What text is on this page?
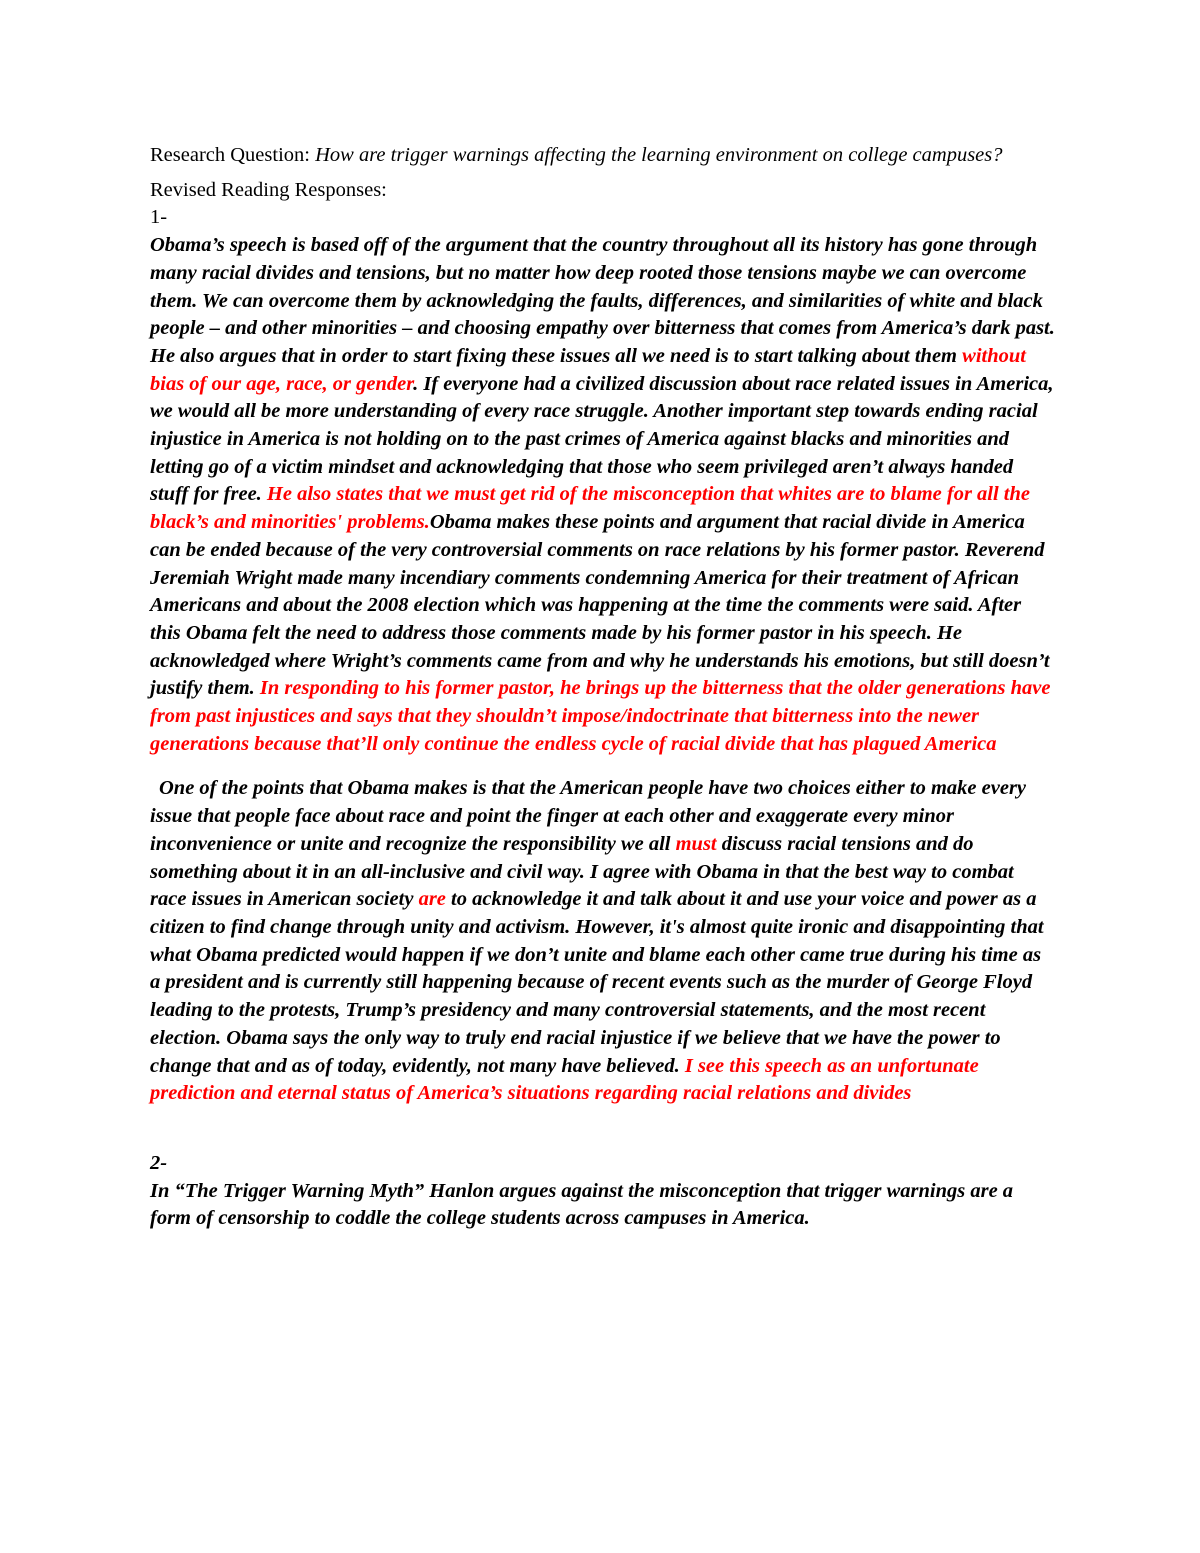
Research Question: How are trigger warnings affecting the learning environment on college campuses?

Revised Reading Responses:

1-

Obama’s speech is based off of the argument that the country throughout all its history has gone through many racial divides and tensions, but no matter how deep rooted those tensions maybe we can overcome them. We can overcome them by acknowledging the faults, differences, and similarities of white and black people – and other minorities – and choosing empathy over bitterness that comes from America’s dark past. He also argues that in order to start fixing these issues all we need is to start talking about them without bias of our age, race, or gender. If everyone had a civilized discussion about race related issues in America, we would all be more understanding of every race struggle. Another important step towards ending racial injustice in America is not holding on to the past crimes of America against blacks and minorities and letting go of a victim mindset and acknowledging that those who seem privileged aren’t always handed stuff for free. He also states that we must get rid of the misconception that whites are to blame for all the black’s and minorities' problems.Obama makes these points and argument that racial divide in America can be ended because of the very controversial comments on race relations by his former pastor. Reverend Jeremiah Wright made many incendiary comments condemning America for their treatment of African Americans and about the 2008 election which was happening at the time the comments were said. After this Obama felt the need to address those comments made by his former pastor in his speech. He acknowledged where Wright’s comments came from and why he understands his emotions, but still doesn’t justify them. In responding to his former pastor, he brings up the bitterness that the older generations have from past injustices and says that they shouldn’t impose/indoctrinate that bitterness into the newer generations because that’ll only continue the endless cycle of racial divide that has plagued America

One of the points that Obama makes is that the American people have two choices either to make every issue that people face about race and point the finger at each other and exaggerate every minor inconvenience or unite and recognize the responsibility we all must discuss racial tensions and do something about it in an all-inclusive and civil way. I agree with Obama in that the best way to combat race issues in American society are to acknowledge it and talk about it and use your voice and power as a citizen to find change through unity and activism. However, it's almost quite ironic and disappointing that what Obama predicted would happen if we don’t unite and blame each other came true during his time as a president and is currently still happening because of recent events such as the murder of George Floyd leading to the protests, Trump’s presidency and many controversial statements, and the most recent election. Obama says the only way to truly end racial injustice if we believe that we have the power to change that and as of today, evidently, not many have believed. I see this speech as an unfortunate prediction and eternal status of America’s situations regarding racial relations and divides

2-

In “The Trigger Warning Myth” Hanlon argues against the misconception that trigger warnings are a form of censorship to coddle the college students across campuses in America.
